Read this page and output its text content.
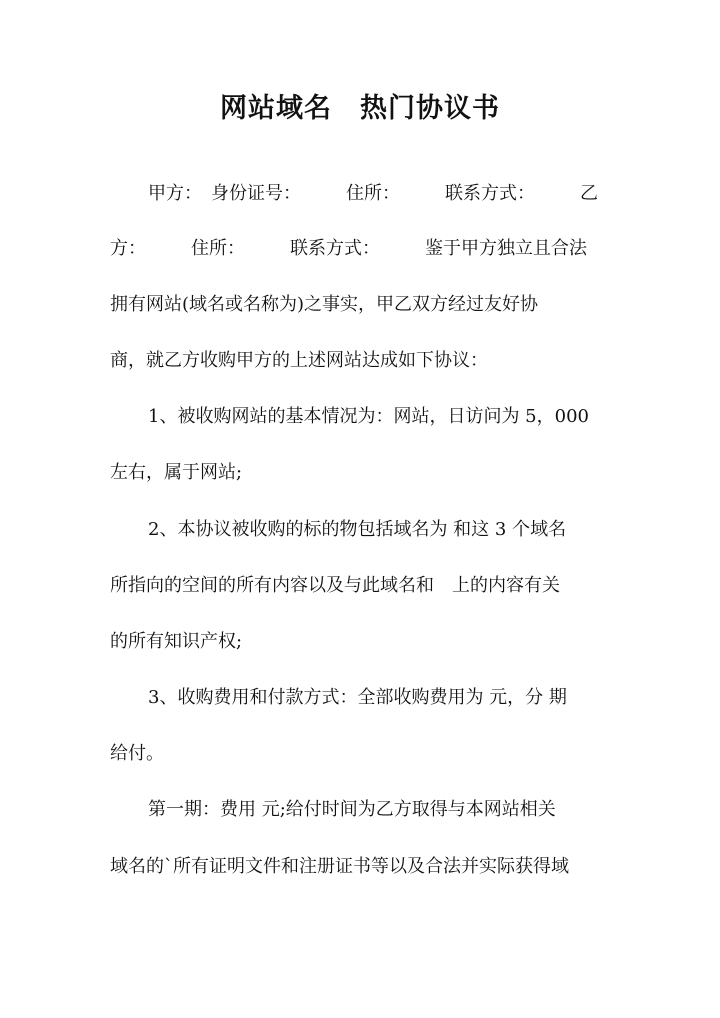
网站域名　热门协议书
甲方：　身份证号：　　　住所：　　　联系方式：　　　乙
方：　　　住所：　　　联系方式：　　　鉴于甲方独立且合法
拥有网站(域名或名称为)之事实，甲乙双方经过友好协
商，就乙方收购甲方的上述网站达成如下协议：
1、被收购网站的基本情况为：网站，日访问为 5，000
左右，属于网站;
2、本协议被收购的标的物包括域名为 和这 3 个域名
所指向的空间的所有内容以及与此域名和　上的内容有关
的所有知识产权;
3、收购费用和付款方式：全部收购费用为 元，分 期
给付。
第一期：费用 元;给付时间为乙方取得与本网站相关
域名的`所有证明文件和注册证书等以及合法并实际获得域
